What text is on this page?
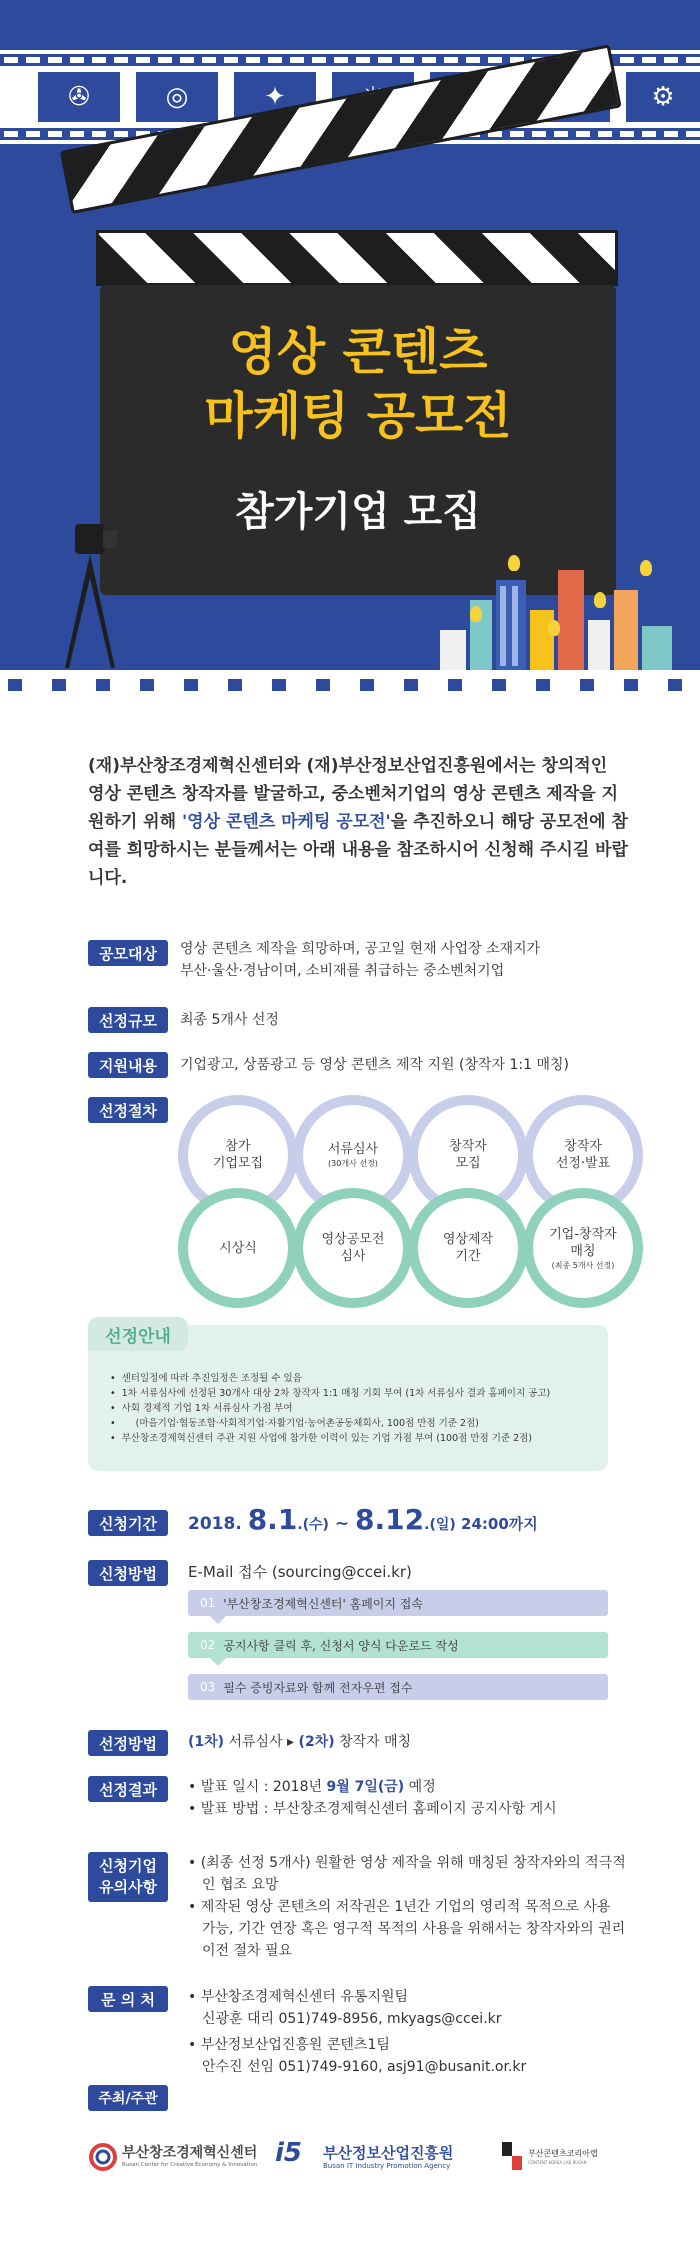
✇	◎	✦	⚙
영상 콘텐츠
마케팅 공모전
참가기업 모집
(재)부산창조경제혁신센터와 (재)부산정보산업진흥원에서는 창의적인 영상 콘텐츠 창작자를 발굴하고, 중소벤처기업의 영상 콘텐츠 제작을 지원하기 위해 '영상 콘텐츠 마케팅 공모전'을 추진하오니 해당 공모전에 참여를 희망하시는 분들께서는 아래 내용을 참조하시어 신청해 주시길 바랍니다.
공모대상	영상 콘텐츠 제작을 희망하며, 공고일 현재 사업장 소재지가
부산·울산·경남이며, 소비재를 취급하는 중소벤처기업
선정규모	최종 5개사 선정
지원내용	기업광고, 상품광고 등 영상 콘텐츠 제작 지원 (창작자 1:1 매칭)
선정절차
참가
기업모집
서류심사
(30개사 선정)
창작자
모집
창작자
선정·발표
시상식
영상공모전
심사
영상제작
기간
기업-창작자
매칭
(최종 5개사 선정)
• 센터일정에 따라 추진일정은 조정될 수 있음
• 1차 서류심사에 선정된 30개사 대상 2차 창작자 1:1 매칭 기회 부여 (1차 서류심사 결과 홈페이지 공고)
• 사회 경제적 기업 1차 서류심사 가점 부여
• (마을기업·협동조합·사회적기업·자활기업·농어촌공동체회사, 100점 만점 기준 2점)
• 부산창조경제혁신센터 주관 지원 사업에 참가한 이력이 있는 기업 가점 부여 (100점 만점 기준 2점)
선정안내
신청기간	2018. 8.1.(수) ~ 8.12.(일) 24:00까지
신청방법	E-Mail 접수 (sourcing@ccei.kr)
01 '부산창조경제혁신센터' 홈페이지 접속
02 공지사항 클릭 후, 신청서 양식 다운로드 작성
03 필수 증빙자료와 함께 전자우편 접수
선정방법	(1차) 서류심사 ▸ (2차) 창작자 매칭
선정결과	• 발표 일시 : 2018년 9월 7일(금) 예정

• 발표 방법 : 부산창조경제혁신센터 홈페이지 공지사항 게시

신청기업
유의사항

• (최종 선정 5개사) 원활한 영상 제작을 위해 매칭된 창작자와의 적극적인 협조 요망

• 제작된 영상 콘텐츠의 저작권은 1년간 기업의 영리적 목적으로 사용 가능, 기간 연장 혹은 영구적 목적의 사용을 위해서는 창작자와의 권리이전 절차 필요

문 의 처	• 부산창조경제혁신센터 유통지원팀

신광훈 대리 051)749-8956, mkyags@ccei.kr

• 부산정보산업진흥원 콘텐츠1팀

안수진 선임 051)749-9160, asj91@busanit.or.kr

주최/주관
부산창조경제혁신센터
Busan Center for Creative Economy & Innovation i5 부산정보산업진흥원
Busan IT Industry Promotion Agency
부산콘텐츠코리아랩
CONTENT KOREA LAB BUSAN
